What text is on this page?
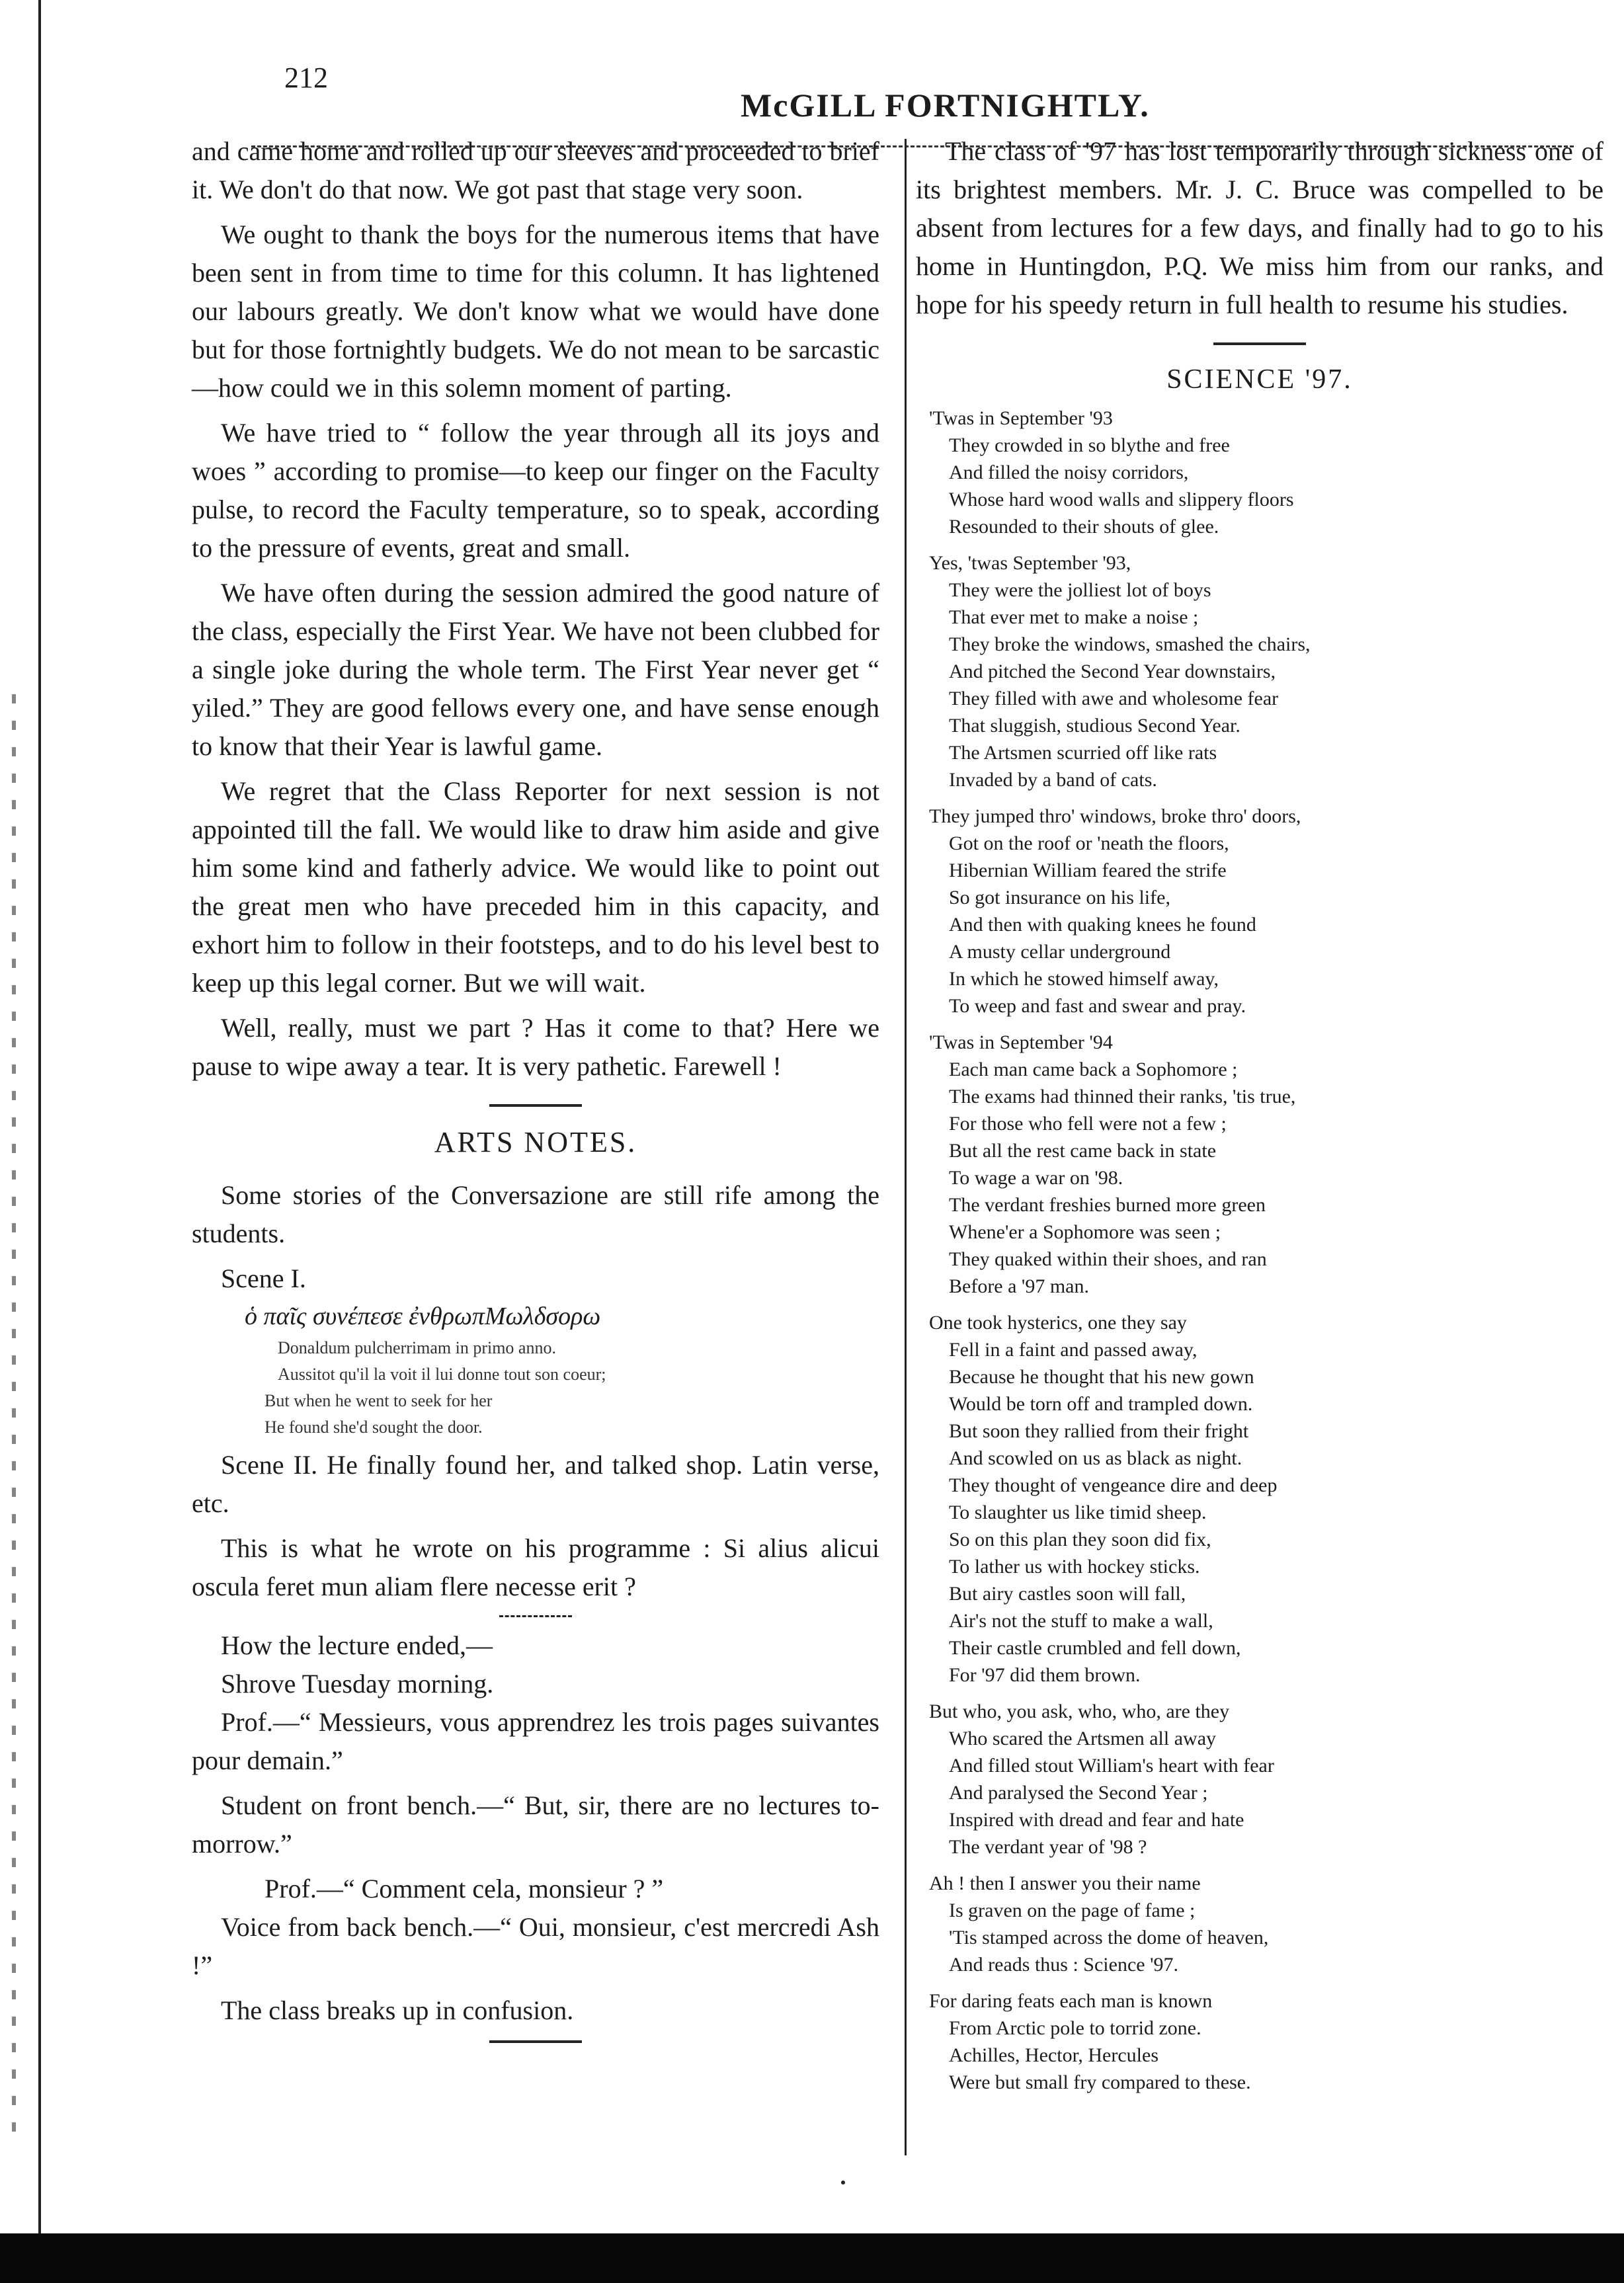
212
McGILL FORTNIGHTLY.

and came home and rolled up our sleeves and proceeded to brief it. We don't do that now. We got past that stage very soon.

We ought to thank the boys for the numerous items that have been sent in from time to time for this column. It has lightened our labours greatly. We don't know what we would have done but for those fortnightly budgets. We do not mean to be sarcastic—how could we in this solemn moment of parting.

We have tried to “ follow the year through all its joys and woes ” according to promise—to keep our finger on the Faculty pulse, to record the Faculty temperature, so to speak, according to the pressure of events, great and small.

We have often during the session admired the good nature of the class, especially the First Year. We have not been clubbed for a single joke during the whole term. The First Year never get “ yiled.” They are good fellows every one, and have sense enough to know that their Year is lawful game.

We regret that the Class Reporter for next session is not appointed till the fall. We would like to draw him aside and give him some kind and fatherly advice. We would like to point out the great men who have preceded him in this capacity, and exhort him to follow in their footsteps, and to do his level best to keep up this legal corner. But we will wait.

Well, really, must we part ? Has it come to that? Here we pause to wipe away a tear. It is very pathetic. Farewell !

ARTS NOTES.

Some stories of the Conversazione are still rife among the students.

Scene I.
ὁ παῖς συνέπεσε ἐνθρωπΜωλδσορω
Donaldum pulcherrimam in primo anno.
Aussitot qu'il la voit il lui donne tout son coeur;
But when he went to seek for her
He found she'd sought the door.

Scene II. He finally found her, and talked shop. Latin verse, etc.

This is what he wrote on his programme : Si alius alicui oscula feret mun aliam flere necesse erit ?

How the lecture ended,—
Shrove Tuesday morning.

Prof.—“ Messieurs, vous apprendrez les trois pages suivantes pour demain.”

Student on front bench.—“ But, sir, there are no lectures to-morrow.”

Prof.—“ Comment cela, monsieur ? ”

Voice from back bench.—“ Oui, monsieur, c'est mercredi Ash !”

The class breaks up in confusion.

The class of '97 has lost temporarily through sickness one of its brightest members. Mr. J. C. Bruce was compelled to be absent from lectures for a few days, and finally had to go to his home in Huntingdon, P.Q. We miss him from our ranks, and hope for his speedy return in full health to resume his studies.

SCIENCE '97.
'Twas in September '93
They crowded in so blythe and free
And filled the noisy corridors,
Whose hard wood walls and slippery floors
Resounded to their shouts of glee.
Yes, 'twas September '93,
They were the jolliest lot of boys
That ever met to make a noise ;
They broke the windows, smashed the chairs,
And pitched the Second Year downstairs,
They filled with awe and wholesome fear
That sluggish, studious Second Year.
The Artsmen scurried off like rats
Invaded by a band of cats.
They jumped thro' windows, broke thro' doors,
Got on the roof or 'neath the floors,
Hibernian William feared the strife
So got insurance on his life,
And then with quaking knees he found
A musty cellar underground
In which he stowed himself away,
To weep and fast and swear and pray.
'Twas in September '94
Each man came back a Sophomore ;
The exams had thinned their ranks, 'tis true,
For those who fell were not a few ;
But all the rest came back in state
To wage a war on '98.
The verdant freshies burned more green
Whene'er a Sophomore was seen ;
They quaked within their shoes, and ran
Before a '97 man.
One took hysterics, one they say
Fell in a faint and passed away,
Because he thought that his new gown
Would be torn off and trampled down.
But soon they rallied from their fright
And scowled on us as black as night.
They thought of vengeance dire and deep
To slaughter us like timid sheep.
So on this plan they soon did fix,
To lather us with hockey sticks.
But airy castles soon will fall,
Air's not the stuff to make a wall,
Their castle crumbled and fell down,
For '97 did them brown.
But who, you ask, who, who, are they
Who scared the Artsmen all away
And filled stout William's heart with fear
And paralysed the Second Year ;
Inspired with dread and fear and hate
The verdant year of '98 ?
Ah ! then I answer you their name
Is graven on the page of fame ;
'Tis stamped across the dome of heaven,
And reads thus : Science '97.
For daring feats each man is known
From Arctic pole to torrid zone.
Achilles, Hector, Hercules
Were but small fry compared to these.
